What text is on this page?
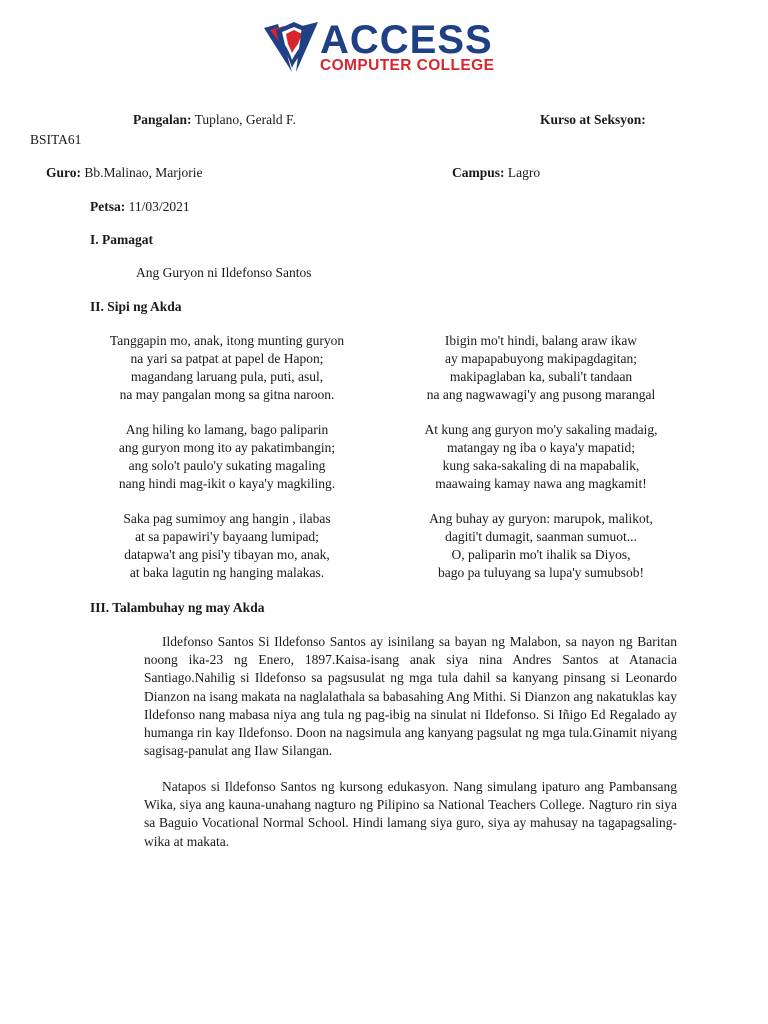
ACCESS
COMPUTER COLLEGE
Pangalan: Tuplano, Gerald F.	Kurso at Seksyon:
BSITA61
Guro: Bb.Malinao, Marjorie	Campus: Lagro
Petsa: 11/03/2021
I. Pamagat
Ang Guryon ni Ildefonso Santos
II. Sipi ng Akda
Tanggapin mo, anak, itong munting guryon
na yari sa patpat at papel de Hapon;
magandang laruang pula, puti, asul,
na may pangalan mong sa gitna naroon.
Ang hiling ko lamang, bago paliparin
ang guryon mong ito ay pakatimbangin;
ang solo't paulo'y sukating magaling
nang hindi mag-ikit o kaya'y magkiling.
Saka pag sumimoy ang hangin , ilabas
at sa papawiri'y bayaang lumipad;
datapwa't ang pisi'y tibayan mo, anak,
at baka lagutin ng hanging malakas.
Ibigin mo't hindi, balang araw ikaw
ay mapapabuyong makipagdagitan;
makipaglaban ka, subali't tandaan
na ang nagwawagi'y ang pusong marangal
At kung ang guryon mo'y sakaling madaig,
matangay ng iba o kaya'y mapatid;
kung saka-sakaling di na mapabalik,
maawaing kamay nawa ang magkamit!
Ang buhay ay guryon: marupok, malikot,
dagiti't dumagit, saanman sumuot...
O, paliparin mo't ihalik sa Diyos,
bago pa tuluyang sa lupa'y sumubsob!
III. Talambuhay ng may Akda
Ildefonso Santos Si Ildefonso Santos ay isinilang sa bayan ng Malabon, sa nayon ng Baritan noong ika-23 ng Enero, 1897.Kaisa-isang anak siya nina Andres Santos at Atanacia Santiago.Nahilig si Ildefonso sa pagsusulat ng mga tula dahil sa kanyang pinsang si Leonardo Dianzon na isang makata na naglalathala sa babasahing Ang Mithi. Si Dianzon ang nakatuklas kay Ildefonso nang mabasa niya ang tula ng pag-ibig na sinulat ni Ildefonso. Si Iñigo Ed Regalado ay humanga rin kay Ildefonso. Doon na nagsimula ang kanyang pagsulat ng mga tula.Ginamit niyang sagisag-panulat ang Ilaw Silangan.
Natapos si Ildefonso Santos ng kursong edukasyon. Nang simulang ipaturo ang Pambansang Wika, siya ang kauna-unahang nagturo ng Pilipino sa National Teachers College. Nagturo rin siya sa Baguio Vocational Normal School. Hindi lamang siya guro, siya ay mahusay na tagapagsaling-wika at makata.
